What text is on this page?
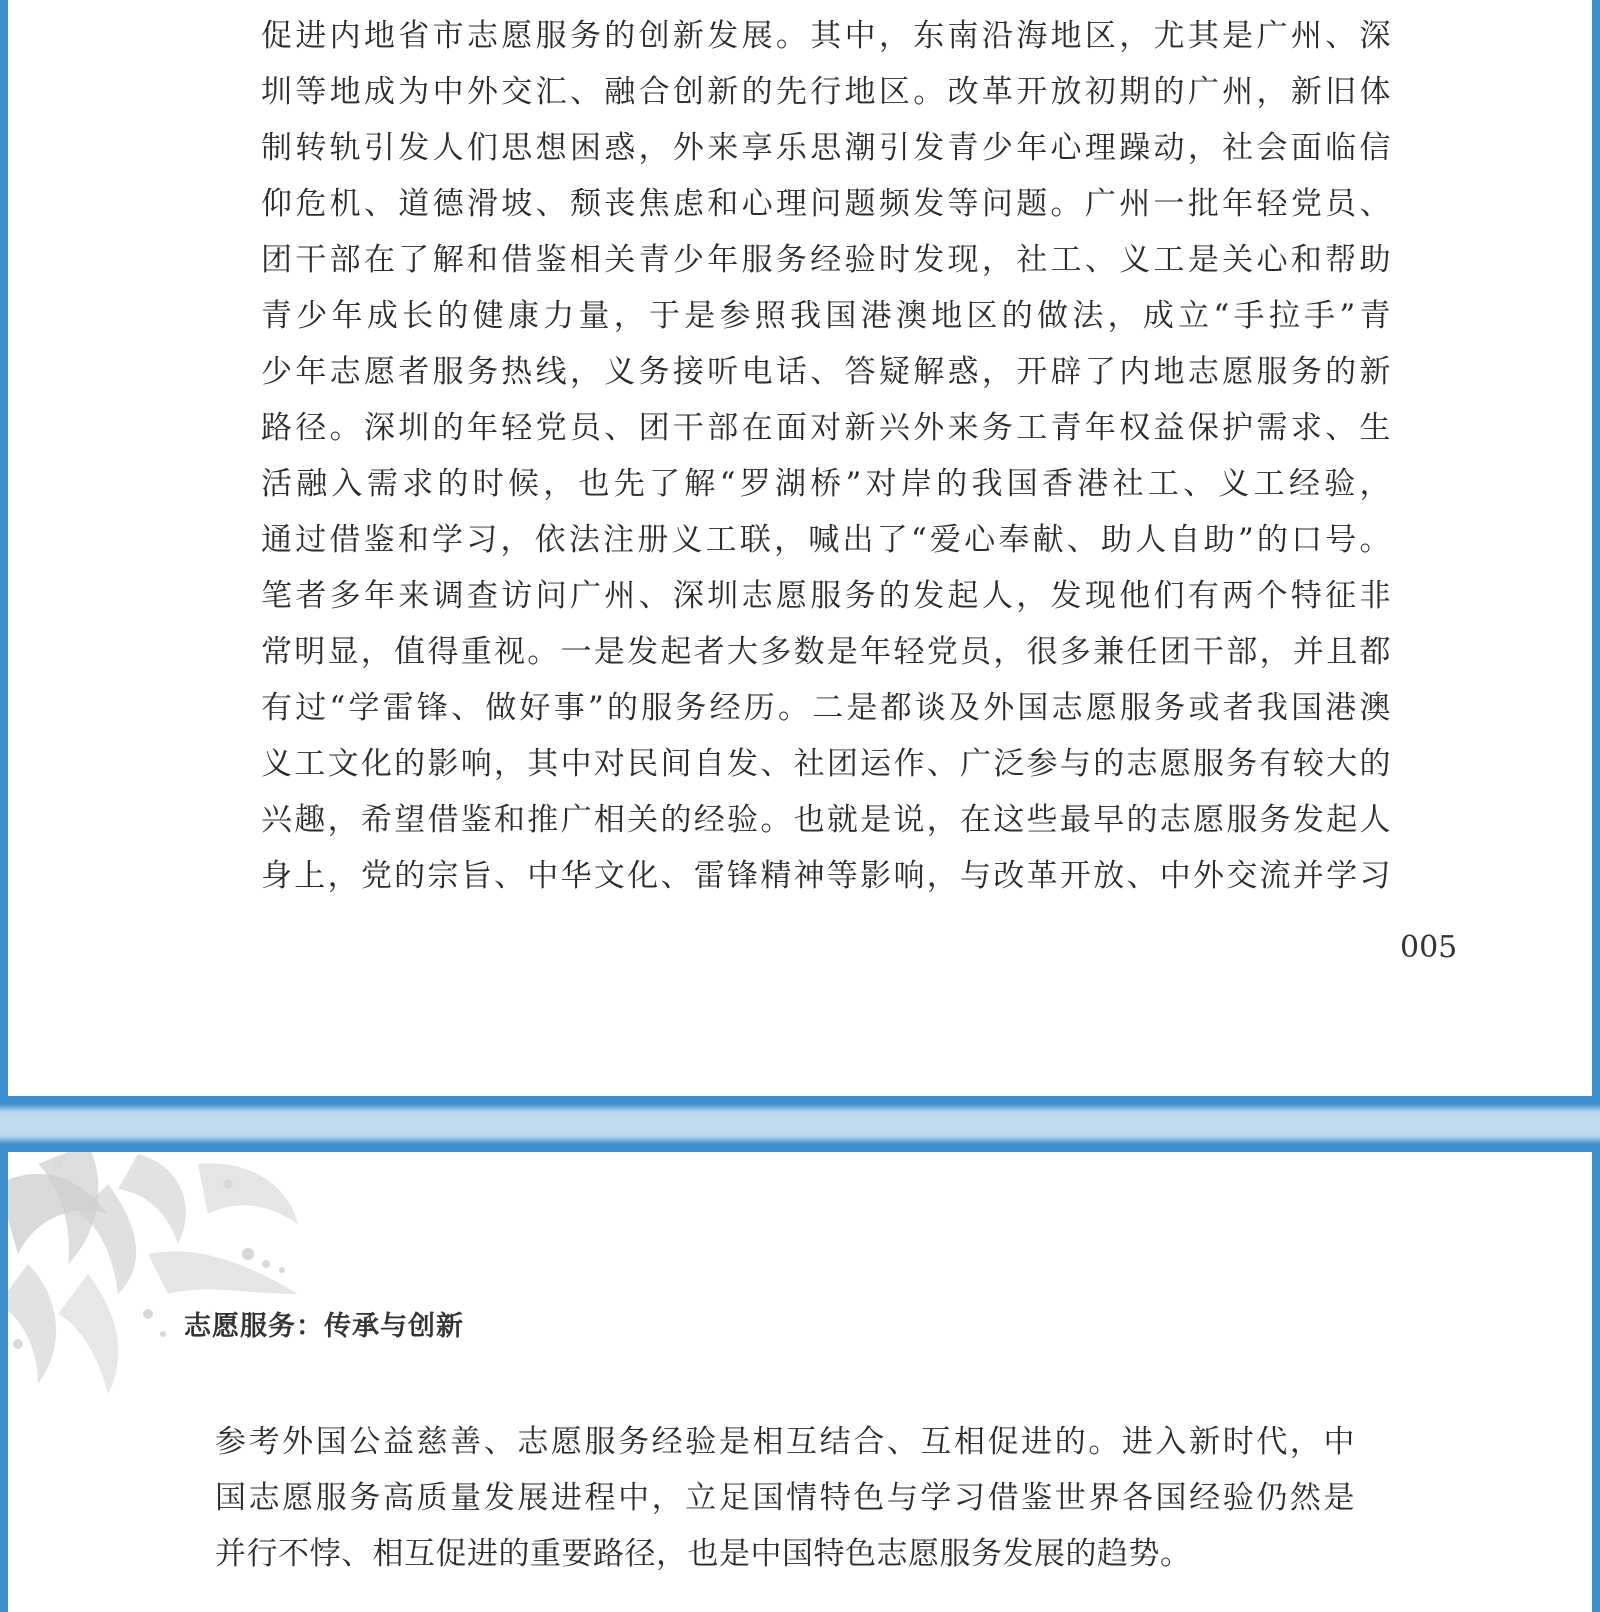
促进内地省市志愿服务的创新发展。其中，东南沿海地区，尤其是广州、深
圳等地成为中外交汇、融合创新的先行地区。改革开放初期的广州，新旧体
制转轨引发人们思想困惑，外来享乐思潮引发青少年心理躁动，社会面临信
仰危机、道德滑坡、颓丧焦虑和心理问题频发等问题。广州一批年轻党员、
团干部在了解和借鉴相关青少年服务经验时发现，社工、义工是关心和帮助
青少年成长的健康力量，于是参照我国港澳地区的做法，成立“手拉手”青
少年志愿者服务热线，义务接听电话、答疑解惑，开辟了内地志愿服务的新
路径。深圳的年轻党员、团干部在面对新兴外来务工青年权益保护需求、生
活融入需求的时候，也先了解“罗湖桥”对岸的我国香港社工、义工经验，
通过借鉴和学习，依法注册义工联，喊出了“爱心奉献、助人自助”的口号。
笔者多年来调查访问广州、深圳志愿服务的发起人，发现他们有两个特征非
常明显，值得重视。一是发起者大多数是年轻党员，很多兼任团干部，并且都
有过“学雷锋、做好事”的服务经历。二是都谈及外国志愿服务或者我国港澳
义工文化的影响，其中对民间自发、社团运作、广泛参与的志愿服务有较大的
兴趣，希望借鉴和推广相关的经验。也就是说，在这些最早的志愿服务发起人
身上，党的宗旨、中华文化、雷锋精神等影响，与改革开放、中外交流并学习
005
志愿服务：传承与创新
参考外国公益慈善、志愿服务经验是相互结合、互相促进的。进入新时代，中
国志愿服务高质量发展进程中，立足国情特色与学习借鉴世界各国经验仍然是
并行不悖、相互促进的重要路径，也是中国特色志愿服务发展的趋势。
